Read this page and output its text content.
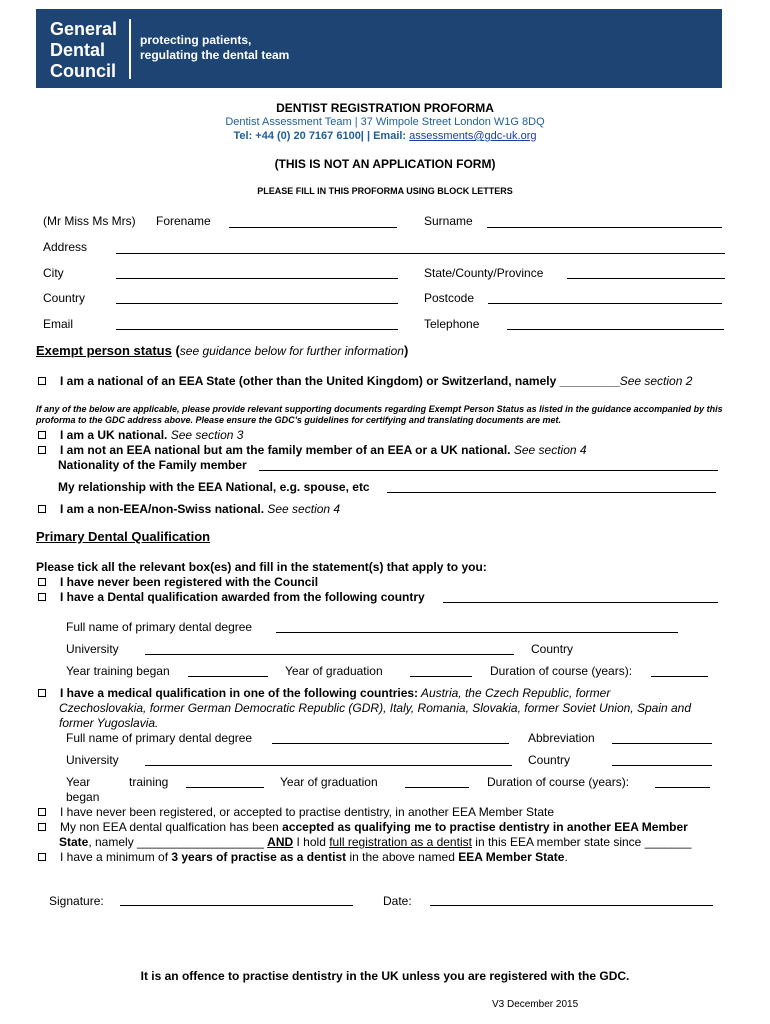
General
Dental
Council
protecting patients,
regulating the dental team
DENTIST REGISTRATION PROFORMA
Dentist Assessment Team | 37 Wimpole Street London W1G 8DQ
Tel: +44 (0) 20 7167 6100| | Email: assessments@gdc-uk.org
(THIS IS NOT AN APPLICATION FORM)
PLEASE FILL IN THIS PROFORMA USING BLOCK LETTERS
(Mr Miss Ms Mrs) Forename	Surname
Address
City	State/County/Province
Country	Postcode
Email	Telephone
Exempt person status (see guidance below for further information)
I am a national of an EEA State (other than the United Kingdom) or Switzerland, namely _________See section 2
If any of the below are applicable, please provide relevant supporting documents regarding Exempt Person Status as listed in the guidance accompanied by this proforma to the GDC address above. Please ensure the GDC’s guidelines for certifying and translating documents are met.
I am a UK national. See section 3
I am not an EEA national but am the family member of an EEA or a UK national. See section 4
Nationality of the Family member
My relationship with the EEA National, e.g. spouse, etc
I am a non-EEA/non-Swiss national. See section 4
Primary Dental Qualification
Please tick all the relevant box(es) and fill in the statement(s) that apply to you:
I have never been registered with the Council
I have a Dental qualification awarded from the following country
Full name of primary dental degree
University	Country
Year training began	Year of graduation	Duration of course (years):
I have a medical qualification in one of the following countries: Austria, the Czech Republic, former
Czechoslovakia, former German Democratic Republic (GDR), Italy, Romania, Slovakia, former Soviet Union, Spain and
former Yugoslavia.
Full name of primary dental degree	Abbreviation
University	Country
Year	training	Year of graduation	Duration of course (years):
began
I have never been registered, or accepted to practise dentistry, in another EEA Member State
My non EEA dental qualfication has been accepted as qualifying me to practise dentistry in another EEA Member
State, namely ___________________ AND I hold full registration as a dentist in this EEA member state since _______
I have a minimum of 3 years of practise as a dentist in the above named EEA Member State.
Signature:	Date:
It is an offence to practise dentistry in the UK unless you are registered with the GDC.
V3 December 2015
